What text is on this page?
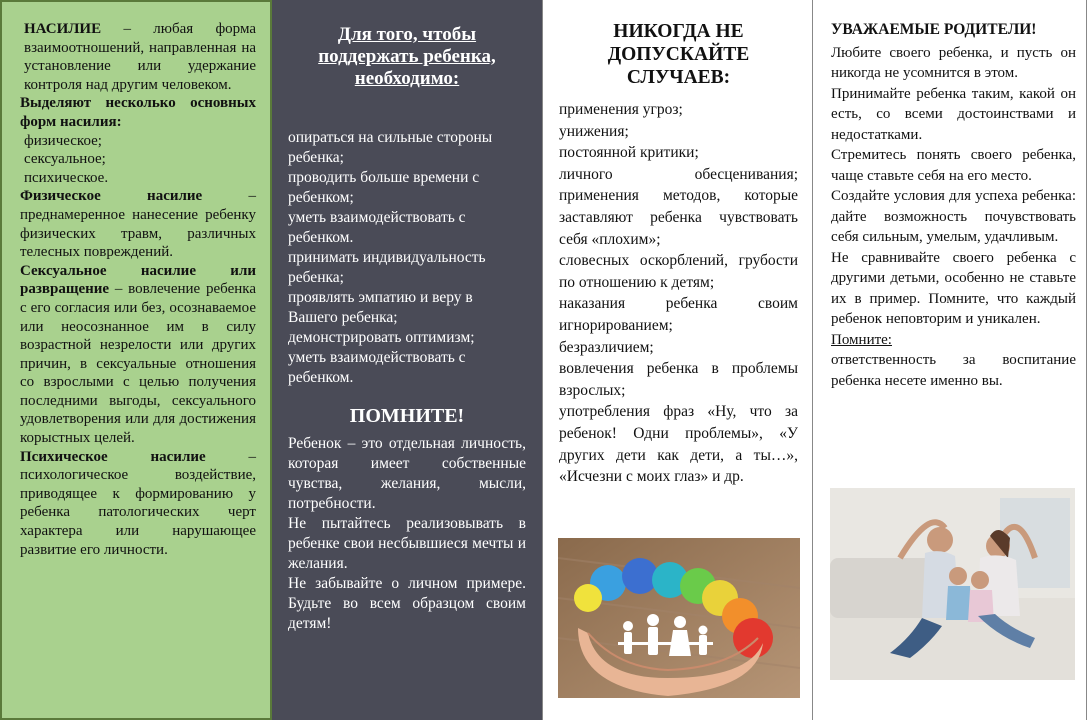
НАСИЛИЕ – любая форма взаимоотношений, направленная на установление или удержание контроля над другим человеком.

Выделяют несколько основных форм насилия:

физическое;

сексуальное;

психическое.

Физическое насилие	– преднамеренное нанесение ребенку физических травм, различных телесных повреждений.

Сексуальное насилие или развращение – вовлечение ребенка с его согласия или без, осознаваемое или неосознанное им в силу возрастной незрелости или других причин, в сексуальные отношения со взрослыми с целью получения последними выгоды, сексуального удовлетворения или для достижения корыстных целей.

Психическое насилие	– психологическое воздействие, приводящее к формированию у ребенка патологических черт характера или нарушающее развитие его личности.

Для того, чтобы поддержать ребенка, необходимо:

опираться на сильные стороны ребенка;

проводить больше времени с ребенком;

уметь взаимодействовать с ребенком.

принимать индивидуальность ребенка;

проявлять эмпатию и веру в Вашего ребенка;

демонстрировать оптимизм;

уметь взаимодействовать с ребенком.

ПОМНИТЕ!

Ребенок – это отдельная личность, которая имеет собственные чувства, желания, мысли, потребности.

Не пытайтесь реализовывать в ребенке свои несбывшиеся мечты и желания.

Не забывайте о личном примере. Будьте во всем образцом своим детям!

НИКОГДА НЕ ДОПУСКАЙТЕ СЛУЧАЕВ:

применения угроз;

унижения;

постоянной критики;

личного обесценивания;

применения методов, которые заставляют ребенка чувствовать себя «плохим»;

словесных оскорблений, грубости по отношению к детям;

наказания ребенка своим игнорированием;

безразличием;

вовлечения ребенка в проблемы взрослых;

употребления фраз «Ну, что за ребенок! Одни проблемы», «У других дети как дети, а ты…», «Исчезни с моих глаз» и др.

УВАЖАЕМЫЕ РОДИТЕЛИ!

Любите своего ребенка, и пусть он никогда не усомнится в этом.

Принимайте ребенка таким, какой он есть, со всеми достоинствами и недостатками.

Стремитесь понять своего ребенка, чаще ставьте себя на его место.

Создайте условия для успеха ребенка: дайте возможность почувствовать себя сильным, умелым, удачливым.

Не сравнивайте своего ребенка с другими детьми, особенно не ставьте их в пример. Помните, что каждый ребенок неповторим и уникален.

Помните:

ответственность за воспитание ребенка несете именно вы.
